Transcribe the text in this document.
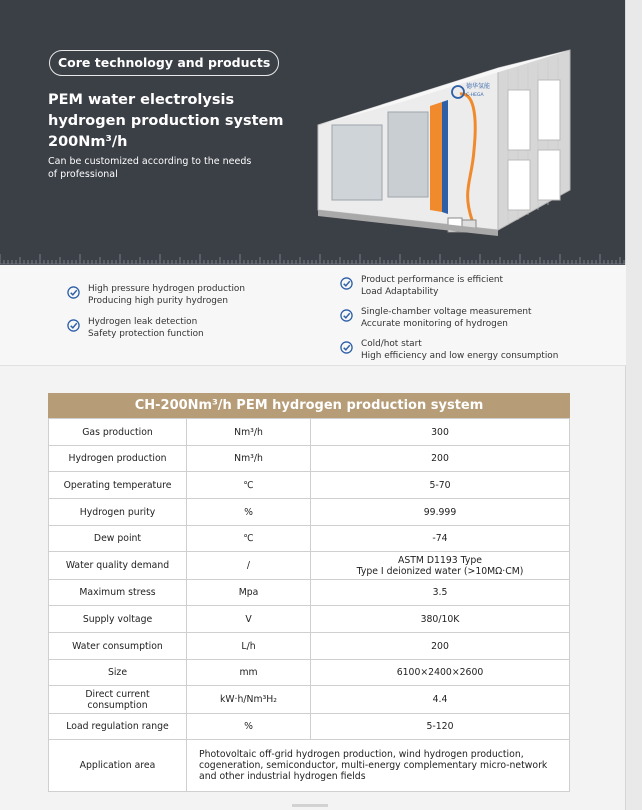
Core technology and products
PEM water electrolysis
hydrogen production system
200Nm³/h
Can be customized according to the needs of professional
德华氢能
C-HEGA
High pressure hydrogen production
Producing high purity hydrogen
Hydrogen leak detection
Safety protection function
Product performance is efficient
Load Adaptability
Single-chamber voltage measurement
Accurate monitoring of hydrogen
Cold/hot start
High efficiency and low energy consumption
CH-200Nm³/h PEM hydrogen production system
Gas production	Nm³/h	300
Hydrogen production	Nm³/h	200
Operating temperature	℃	5-70
Hydrogen purity	%	99.999
Dew point	℃	-74
Water quality demand	/	ASTM D1193 Type
Type I deionized water (>10MΩ·CM)

Maximum stress	Mpa	3.5
Supply voltage	V	380/10K
Water consumption	L/h	200
Size	mm	6100×2400×2600

Direct current
consumption	kW·h/Nm³H₂	4.4
Load regulation range	%	5-120
Application area	Photovoltaic off-grid hydrogen production, wind hydrogen production,
cogeneration, semiconductor, multi-energy complementary micro-network
and other industrial hydrogen fields	
